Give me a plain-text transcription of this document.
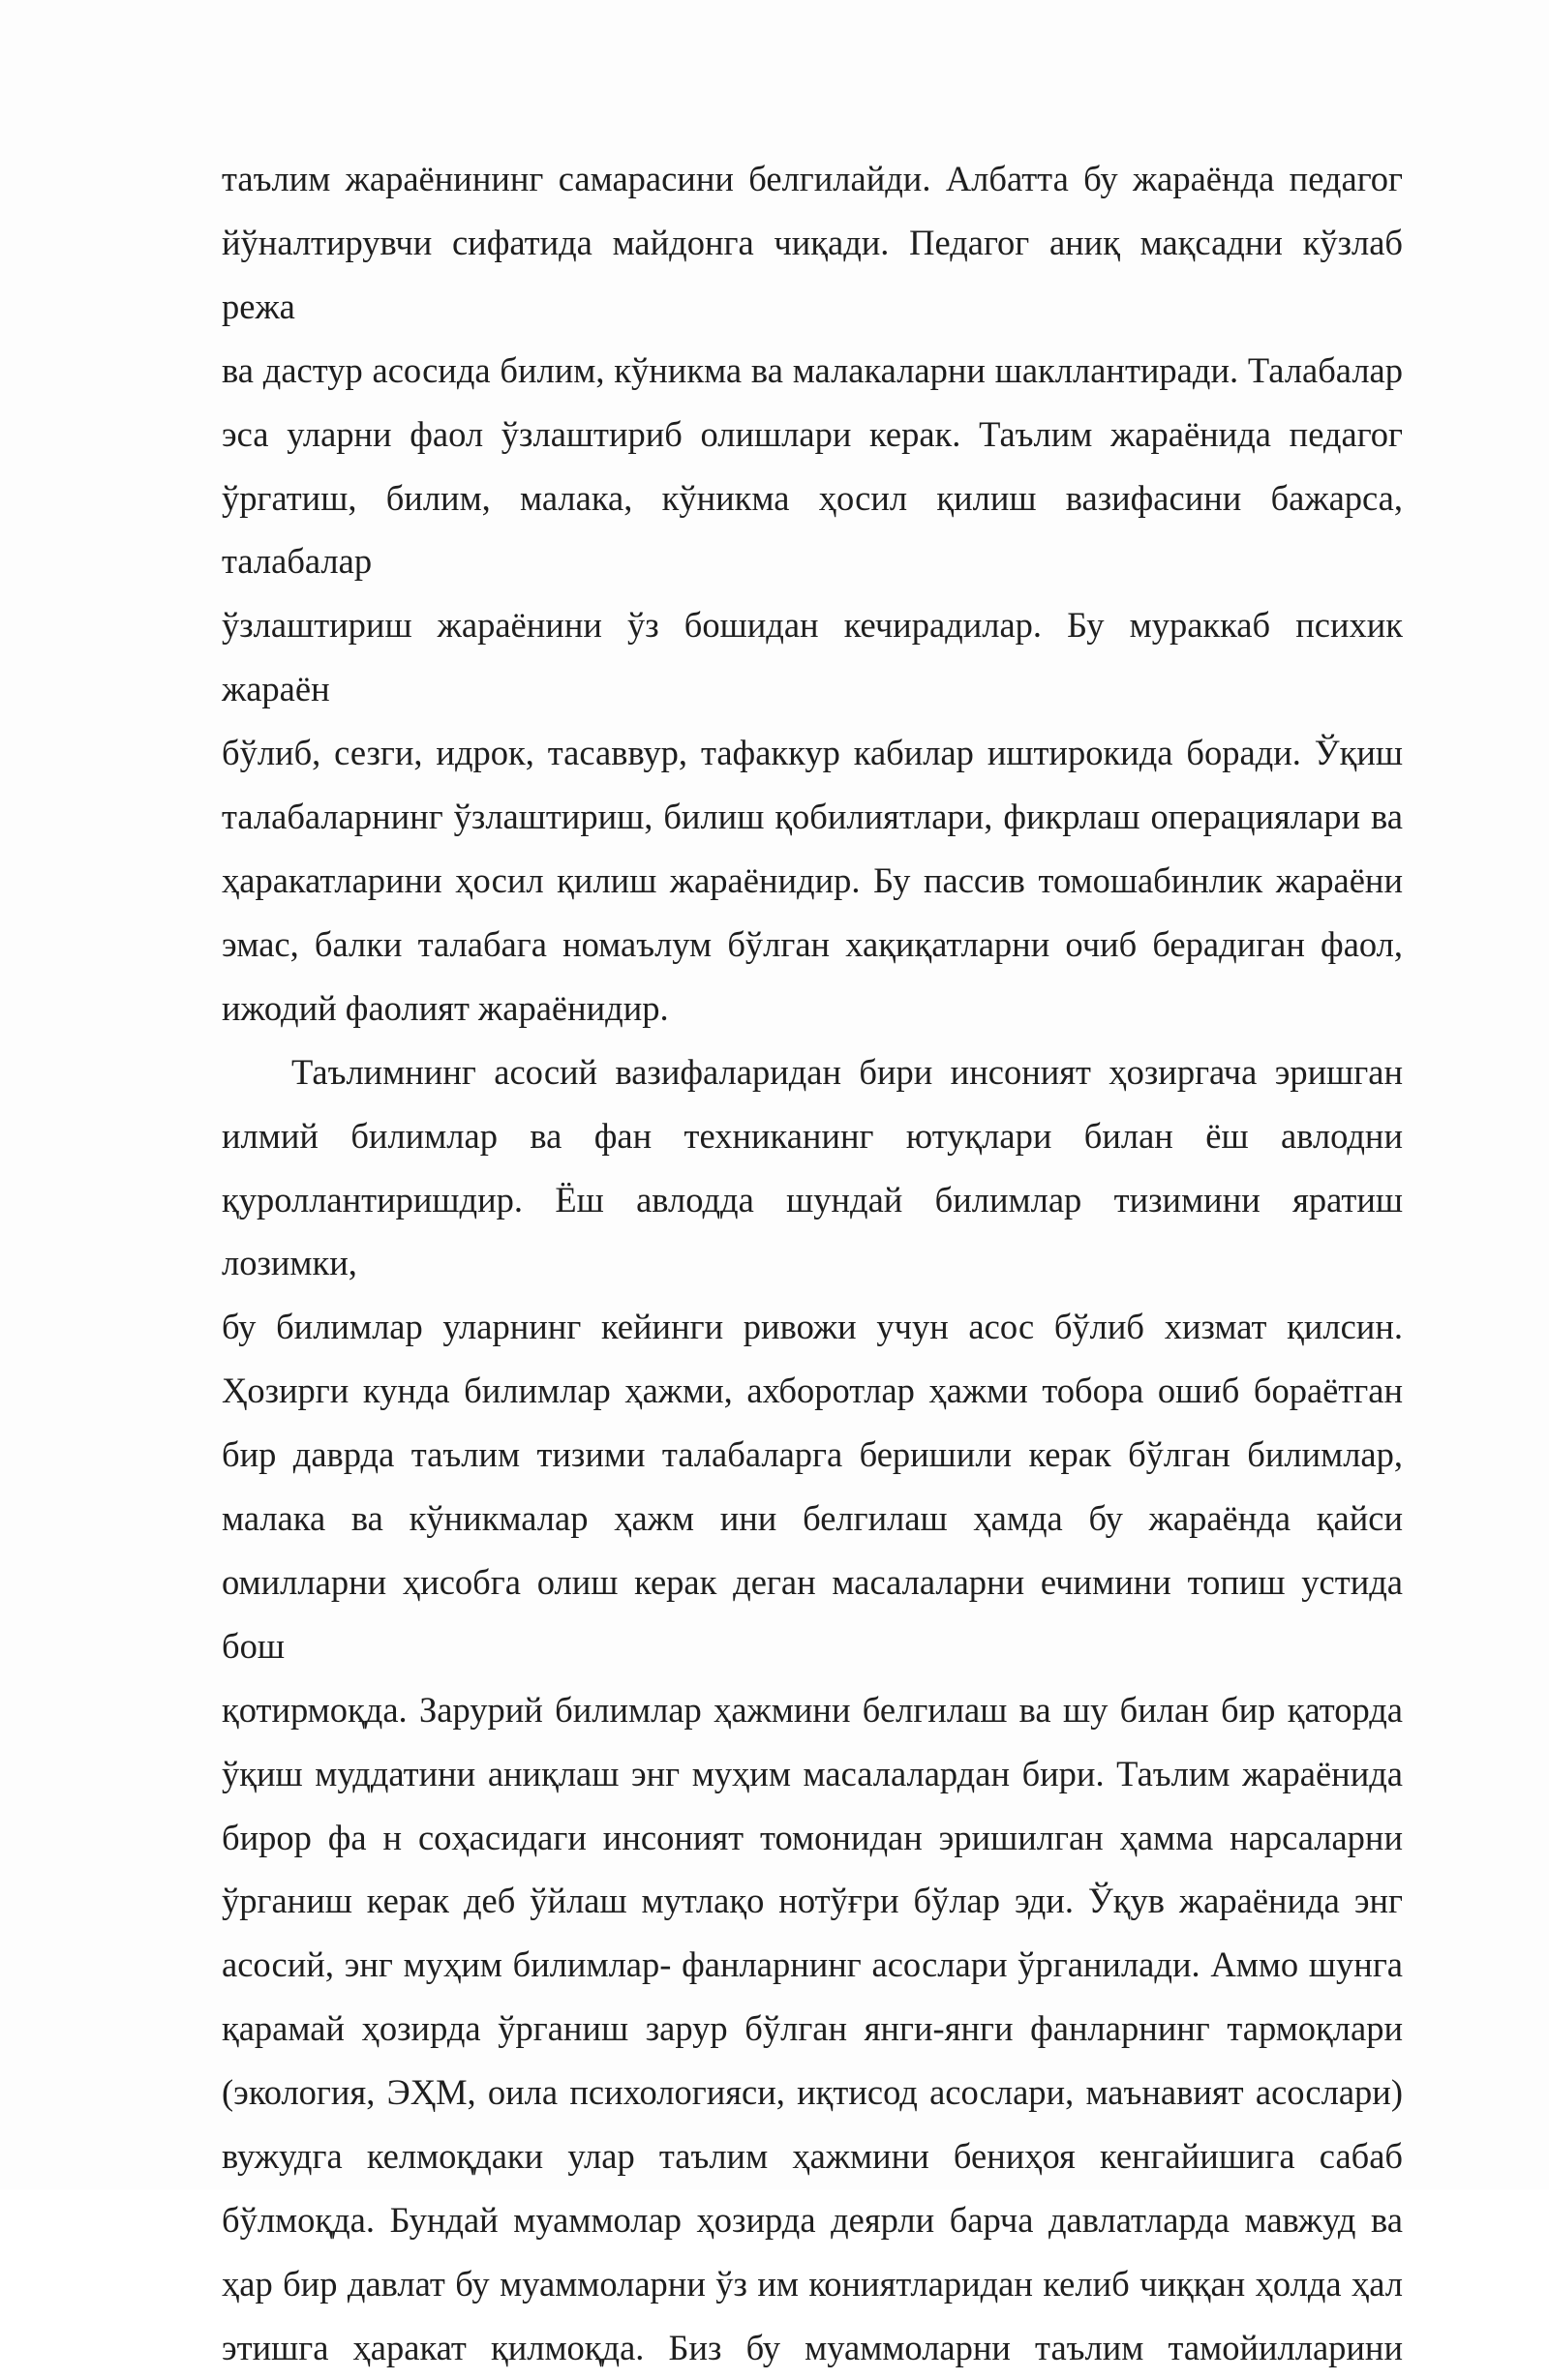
таълим жараёнининг самарасини белгилайди. Албатта бу жараёнда педагог

йўналтирувчи сифатида майдонга чиқади. Педагог аниқ мақсадни кўзлаб режа

ва дастур асосида билим, кўникма ва малакаларни шакллантиради. Талабалар

эса уларни фаол ўзлаштириб олишлари керак. Таълим жараёнида педагог

ўргатиш, билим, малака, кўникма ҳосил қилиш вазифасини бажарса, талабалар

ўзлаштириш жараёнини ўз бошидан кечирадилар. Бу мураккаб психик жараён

бўлиб, сезги, идрок, тасаввур, тафаккур кабилар иштирокида боради. Ўқиш

талабаларнинг ўзлаштириш, билиш қобилиятлари, фикрлаш операциялари ва

ҳаракатларини ҳосил қилиш жараёнидир. Бу пассив томошабинлик жараёни

эмас, балки талабага номаълум бўлган хақиқатларни очиб берадиган фаол,

ижодий фаолият жараёнидир.

Таълимнинг асосий вазифаларидан бири инсоният ҳозиргача эришган

илмий билимлар ва фан техниканинг ютуқлари билан ёш авлодни

қуроллантиришдир. Ёш авлодда шундай билимлар тизимини яратиш лозимки,

бу билимлар уларнинг кейинги ривожи учун асос бўлиб хизмат қилсин.

Ҳозирги кунда билимлар ҳажми, ахборотлар ҳажми тобора ошиб бораётган

бир даврда таълим тизими талабаларга беришили керак бўлган билимлар,

малака ва кўникмалар ҳажм ини белгилаш ҳамда бу жараёнда қайси

омилларни ҳисобга олиш керак деган масалаларни ечимини топиш устида бош

қотирмоқда. Зарурий билимлар ҳажмини белгилаш ва шу билан бир қаторда

ўқиш муддатини аниқлаш энг муҳим масалалардан бири. Таълим жараёнида

бирор фа н соҳасидаги инсоният томонидан эришилган ҳамма нарсаларни

ўрганиш керак деб ўйлаш мутлақо нотўғри бўлар эди. Ўқув жараёнида энг

асосий, энг муҳим билимлар- фанларнинг асослари ўрганилади. Аммо шунга

қарамай ҳозирда ўрганиш зарур бўлган янги-янги фанларнинг тармоқлари

(экология, ЭҲМ, оила психологияси, иқтисод асослари, маънавият асослари)

вужудга келмоқдаки улар таълим ҳажмини бениҳоя кенгайишига сабаб

бўлмоқда. Бундай муаммолар ҳозирда деярли барча давлатларда мавжуд ва

ҳар бир давлат бу муаммоларни ўз им кониятларидан келиб чиққан ҳолда ҳал

этишга ҳаракат қилмоқда. Биз бу муаммоларни таълим тамойилларини
